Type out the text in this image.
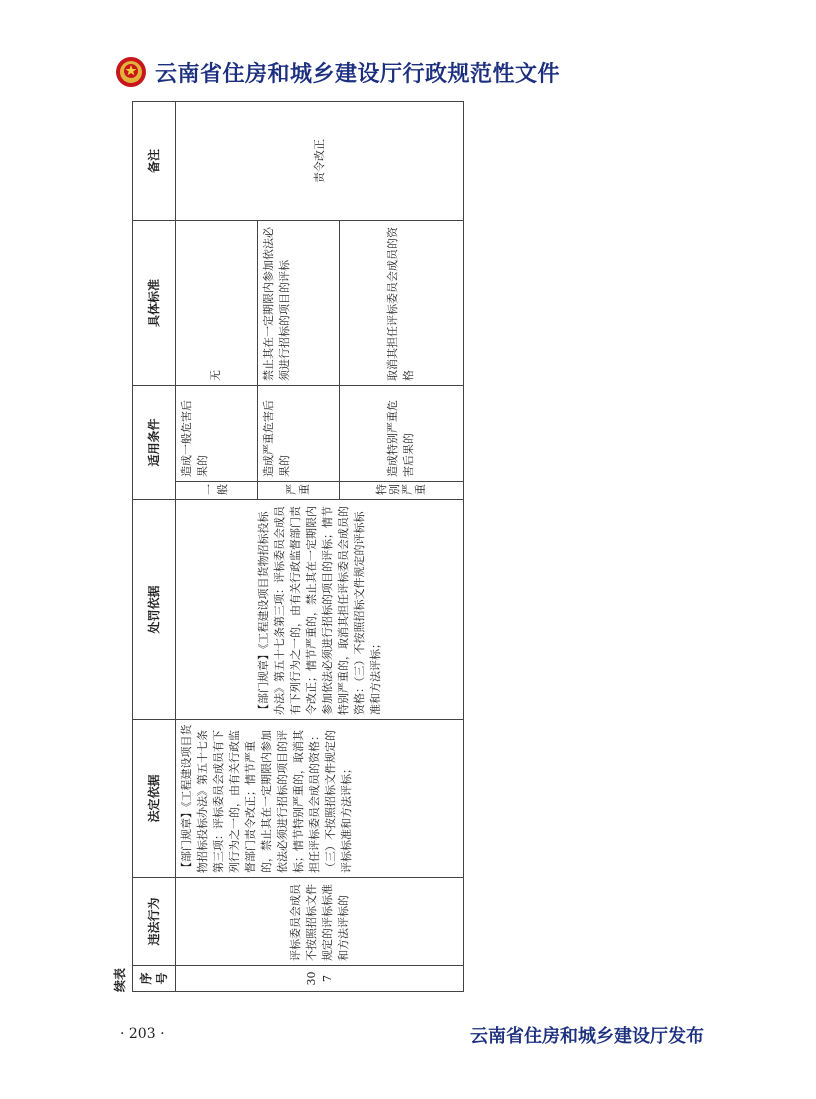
云南省住房和城乡建设厅行政规范性文件
续表 序号	违法行为	法定依据	处罚依据	适用条件		具体标准	备注
307	评标委员会成员不按照招标文件规定的评标标准和方法评标的	【部门规章】《工程建设项目货物招标投标办法》第五十七条第三项：评标委员会成员有下列行为之一的，由有关行政监督部门责令改正；情节严重的，禁止其在一定期限内参加依法必须进行招标的项目的评标；情节特别严重的，取消其担任评标委员会成员的资格：（三）不按照招标文件规定的评标标准和方法评标；	【部门规章】《工程建设项目货物招标投标办法》第五十七条第三项：评标委员会成员有下列行为之一的，由有关行政监督部门责令改正；情节严重的，禁止其在一定期限内参加依法必须进行招标的项目的评标；情节特别严重的，取消其担任评标委员会成员的资格：（三）不按照招标文件规定的评标标准和方法评标；	一般	造成一般危害后果的	无	责令改正
				严重	造成严重危害后果的	禁止其在一定期限内参加依法必须进行招标的项目的评标	
				特别严重	造成特别严重危害后果的	取消其担任评标委员会成员的资格	
· 203 ·	云南省住房和城乡建设厅发布
